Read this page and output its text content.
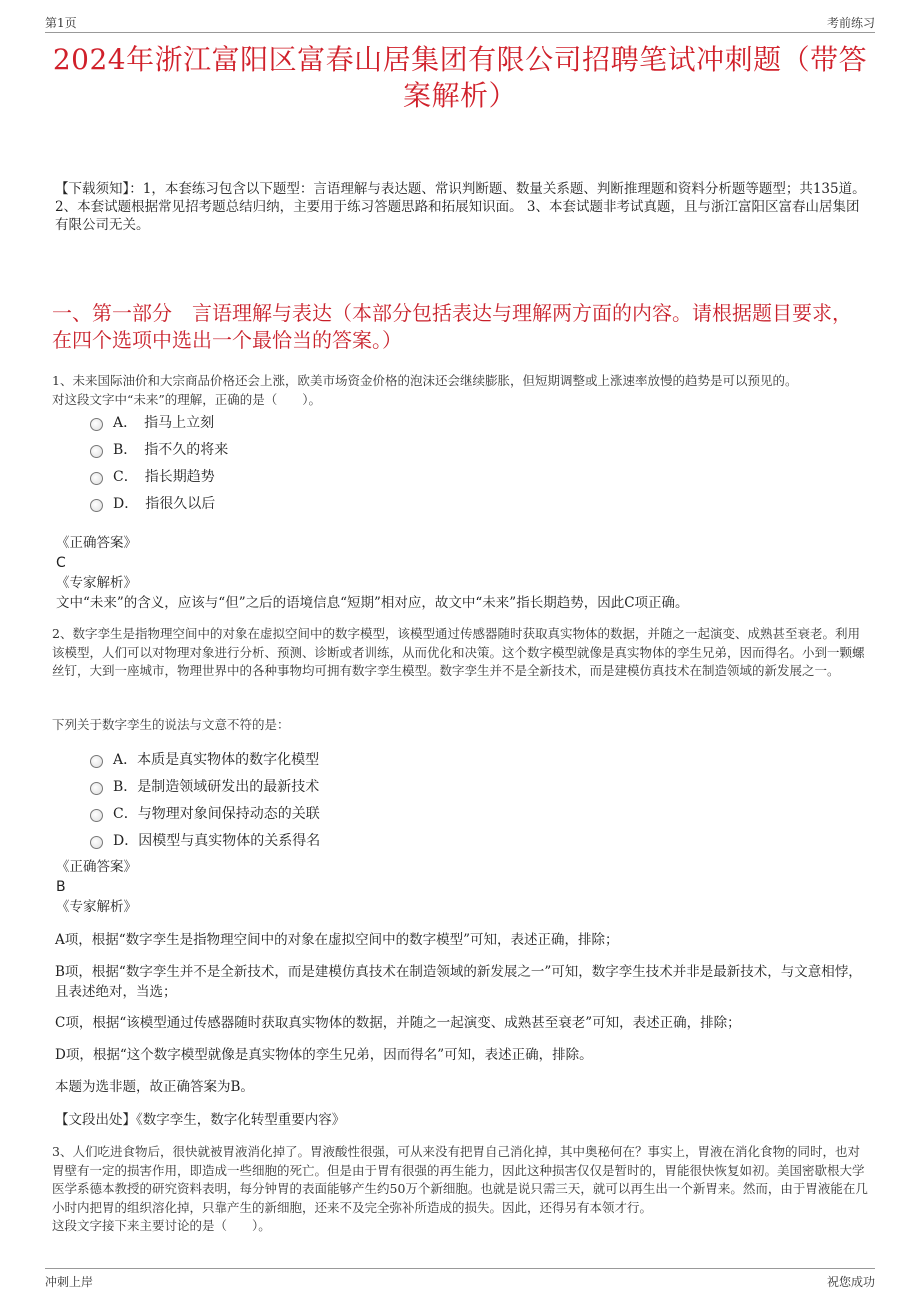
第1页	考前练习
2024年浙江富阳区富春山居集团有限公司招聘笔试冲刺题（带答案解析）
【下载须知】：1，本套练习包含以下题型：言语理解与表达题、常识判断题、数量关系题、判断推理题和资料分析题等题型；共135道。 2、本套试题根据常见招考题总结归纳，主要用于练习答题思路和拓展知识面。 3、本套试题非考试真题，且与浙江富阳区富春山居集团有限公司无关。
一、第一部分　言语理解与表达（本部分包括表达与理解两方面的内容。请根据题目要求，在四个选项中选出一个最恰当的答案。）
1、未来国际油价和大宗商品价格还会上涨，欧美市场资金价格的泡沫还会继续膨胀，但短期调整或上涨速率放慢的趋势是可以预见的。
对这段文字中“未来”的理解，正确的是（　　）。
A．　指马上立刻
B．　指不久的将来
C．　指长期趋势
D．　指很久以后
《正确答案》
C
《专家解析》
文中“未来”的含义，应该与“但”之后的语境信息“短期”相对应，故文中“未来”指长期趋势，因此C项正确。
2、数字孪生是指物理空间中的对象在虚拟空间中的数字模型，该模型通过传感器随时获取真实物体的数据，并随之一起演变、成熟甚至衰老。利用该模型，人们可以对物理对象进行分析、预测、诊断或者训练，从而优化和决策。这个数字模型就像是真实物体的孪生兄弟，因而得名。小到一颗螺丝钉，大到一座城市，物理世界中的各种事物均可拥有数字孪生模型。数字孪生并不是全新技术，而是建模仿真技术在制造领域的新发展之一。
下列关于数字孪生的说法与文意不符的是：
A．本质是真实物体的数字化模型
B．是制造领域研发出的最新技术
C．与物理对象间保持动态的关联
D．因模型与真实物体的关系得名
《正确答案》
B
《专家解析》
A项，根据“数字孪生是指物理空间中的对象在虚拟空间中的数字模型”可知，表述正确，排除；
B项，根据“数字孪生并不是全新技术，而是建模仿真技术在制造领域的新发展之一”可知，数字孪生技术并非是最新技术，与文意相悖，且表述绝对，当选；
C项，根据“该模型通过传感器随时获取真实物体的数据，并随之一起演变、成熟甚至衰老”可知，表述正确，排除；
D项，根据“这个数字模型就像是真实物体的孪生兄弟，因而得名”可知，表述正确，排除。
本题为选非题，故正确答案为B。
【文段出处】《数字孪生，数字化转型重要内容》
3、人们吃进食物后，很快就被胃液消化掉了。胃液酸性很强，可从来没有把胃自己消化掉，其中奥秘何在？事实上，胃液在消化食物的同时，也对胃壁有一定的损害作用，即造成一些细胞的死亡。但是由于胃有很强的再生能力，因此这种损害仅仅是暂时的，胃能很快恢复如初。美国密歇根大学医学系德本教授的研究资料表明，每分钟胃的表面能够产生约50万个新细胞。也就是说只需三天，就可以再生出一个新胃来。然而，由于胃液能在几小时内把胃的组织溶化掉，只靠产生的新细胞，还来不及完全弥补所造成的损失。因此，还得另有本领才行。
这段文字接下来主要讨论的是（　　）。
冲刺上岸	祝您成功
